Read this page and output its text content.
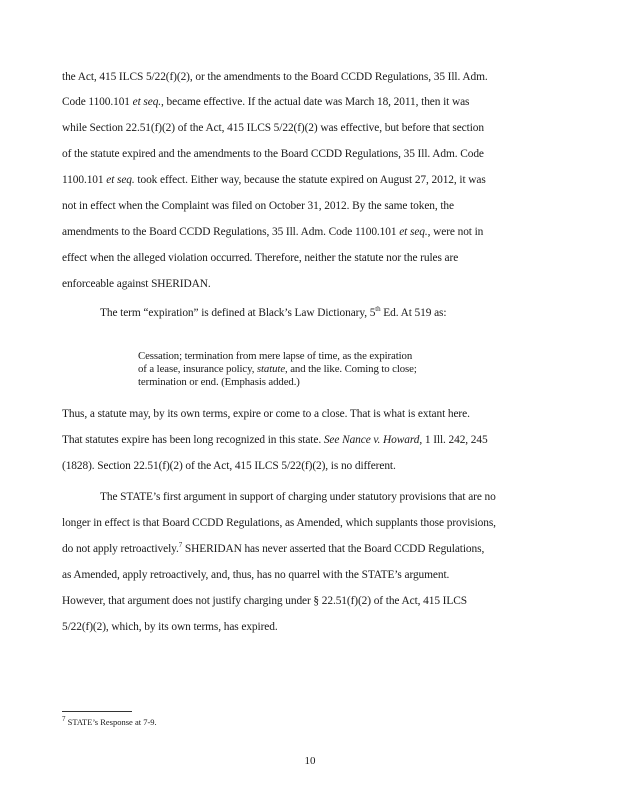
the Act, 415 ILCS 5/22(f)(2), or the amendments to the Board CCDD Regulations, 35 Ill. Adm.
Code 1100.101 et seq., became effective. If the actual date was March 18, 2011, then it was
while Section 22.51(f)(2) of the Act, 415 ILCS 5/22(f)(2) was effective, but before that section
of the statute expired and the amendments to the Board CCDD Regulations, 35 Ill. Adm. Code
1100.101 et seq. took effect. Either way, because the statute expired on August 27, 2012, it was
not in effect when the Complaint was filed on October 31, 2012. By the same token, the
amendments to the Board CCDD Regulations, 35 Ill. Adm. Code 1100.101 et seq., were not in
effect when the alleged violation occurred. Therefore, neither the statute nor the rules are
enforceable against SHERIDAN.
The term “expiration” is defined at Black’s Law Dictionary, 5th Ed. At 519 as:
Cessation; termination from mere lapse of time, as the expiration
of a lease, insurance policy, statute, and the like. Coming to close;
termination or end. (Emphasis added.)
Thus, a statute may, by its own terms, expire or come to a close. That is what is extant here.
That statutes expire has been long recognized in this state. See Nance v. Howard, 1 Ill. 242, 245
(1828). Section 22.51(f)(2) of the Act, 415 ILCS 5/22(f)(2), is no different.
The STATE’s first argument in support of charging under statutory provisions that are no
longer in effect is that Board CCDD Regulations, as Amended, which supplants those provisions,
do not apply retroactively.$^7$ SHERIDAN has never asserted that the Board CCDD Regulations,
as Amended, apply retroactively, and, thus, has no quarrel with the STATE’s argument.
However, that argument does not justify charging under § 22.51(f)(2) of the Act, 415 ILCS
5/22(f)(2), which, by its own terms, has expired.
$^7$ STATE’s Response at 7-9.
10
